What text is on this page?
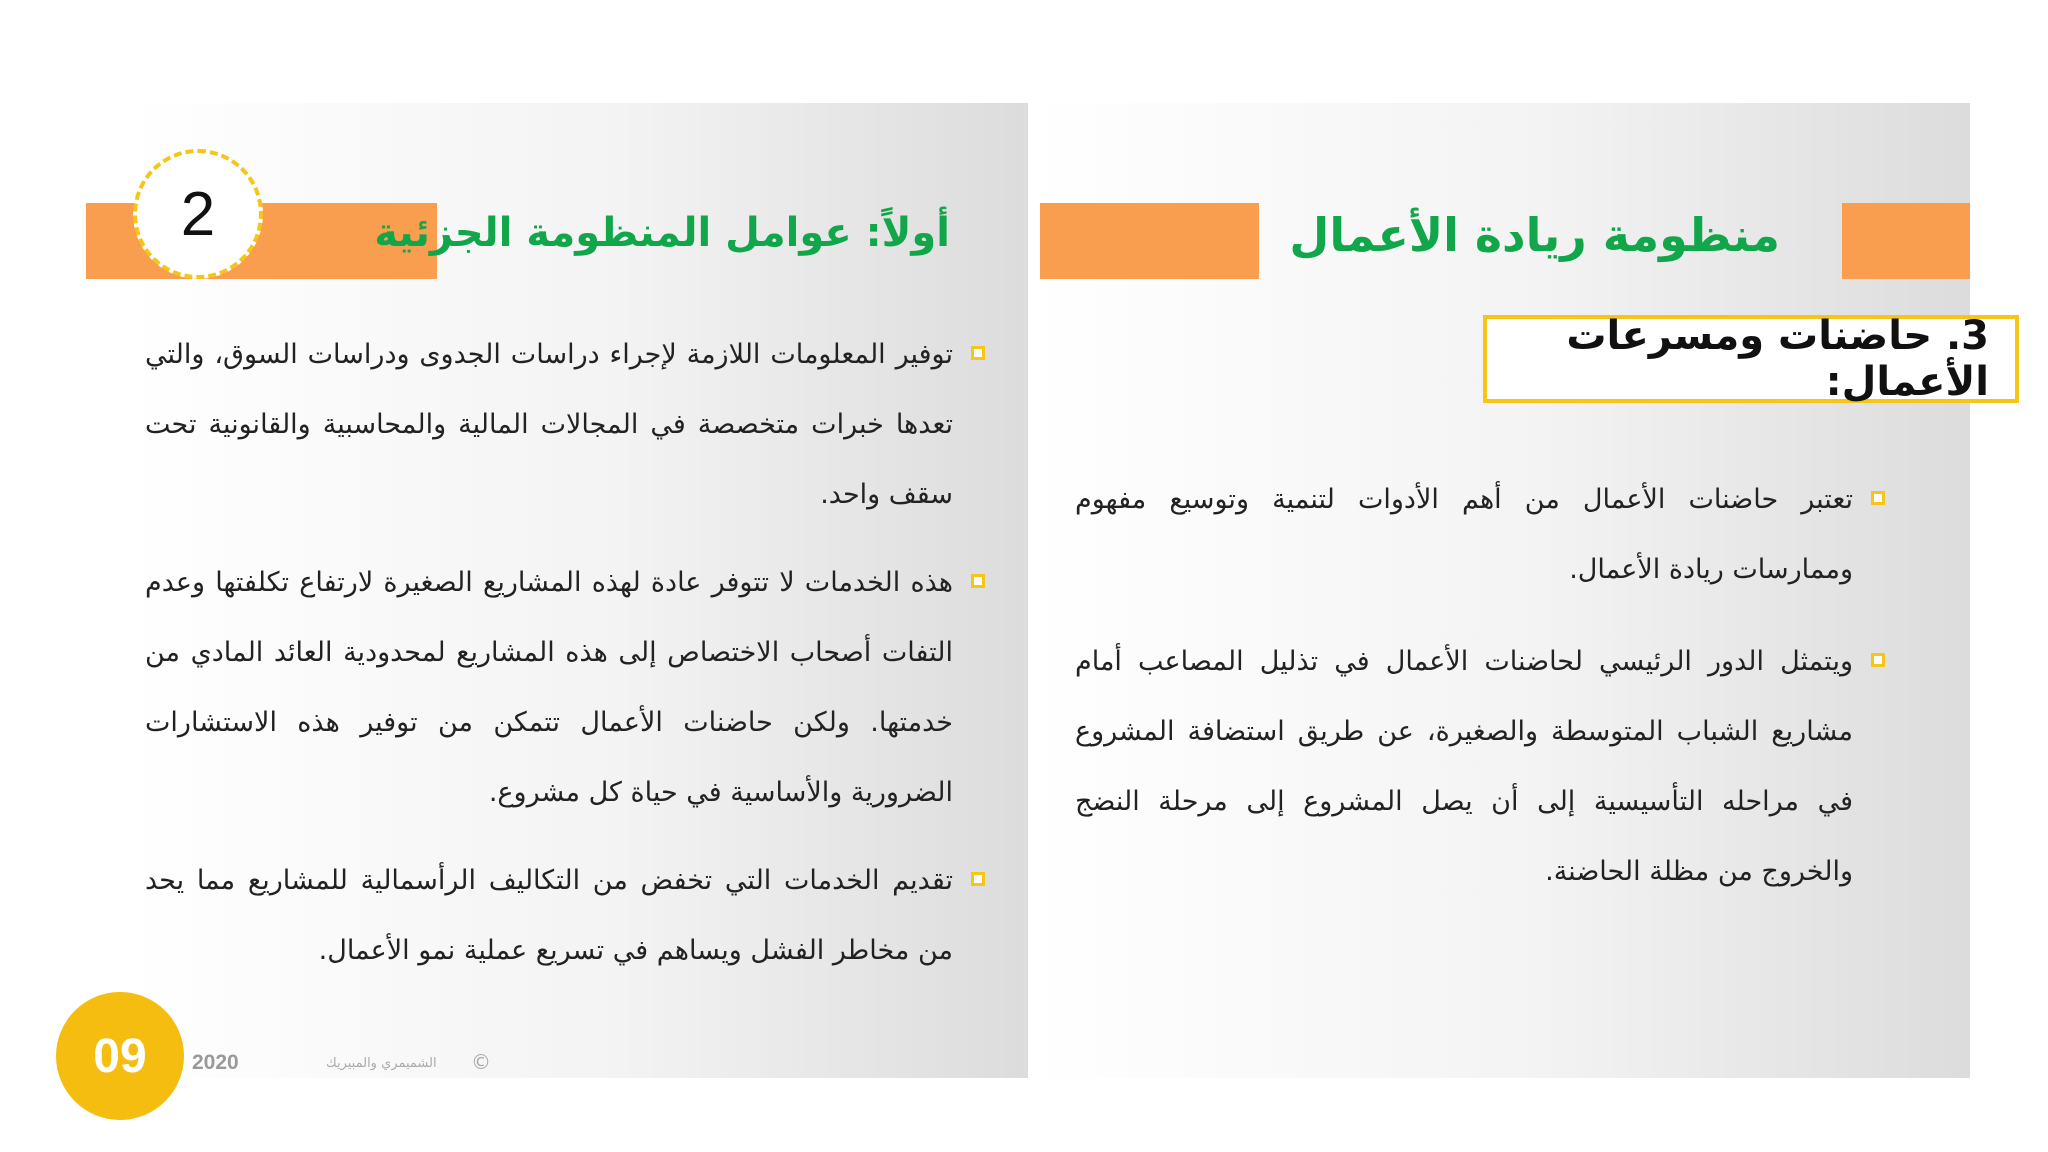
2	أولاً: عوامل المنظومة الجزئية

توفير المعلومات اللازمة لإجراء دراسات الجدوى ودراسات السوق، والتي تعدها خبرات متخصصة في المجالات المالية والمحاسبية والقانونية تحت سقف واحد.

هذه الخدمات لا تتوفر عادة لهذه المشاريع الصغيرة لارتفاع تكلفتها وعدم التفات أصحاب الاختصاص إلى هذه المشاريع لمحدودية العائد المادي من خدمتها. ولكن حاضنات الأعمال تتمكن من توفير هذه الاستشارات الضرورية والأساسية في حياة كل مشروع.

تقديم الخدمات التي تخفض من التكاليف الرأسمالية للمشاريع مما يحد من مخاطر الفشل ويساهم في تسريع عملية نمو الأعمال.

منظومة ريادة الأعمال
3. حاضنات ومسرعات الأعمال:

تعتبر حاضنات الأعمال من أهم الأدوات لتنمية وتوسيع مفهوم وممارسات ريادة الأعمال.

ويتمثل الدور الرئيسي لحاضنات الأعمال في تذليل المصاعب أمام مشاريع الشباب المتوسطة والصغيرة، عن طريق استضافة المشروع في مراحله التأسيسية إلى أن يصل المشروع إلى مرحلة النضج والخروج من مظلة الحاضنة.

09	2020	الشميمري والمبيريك ©
